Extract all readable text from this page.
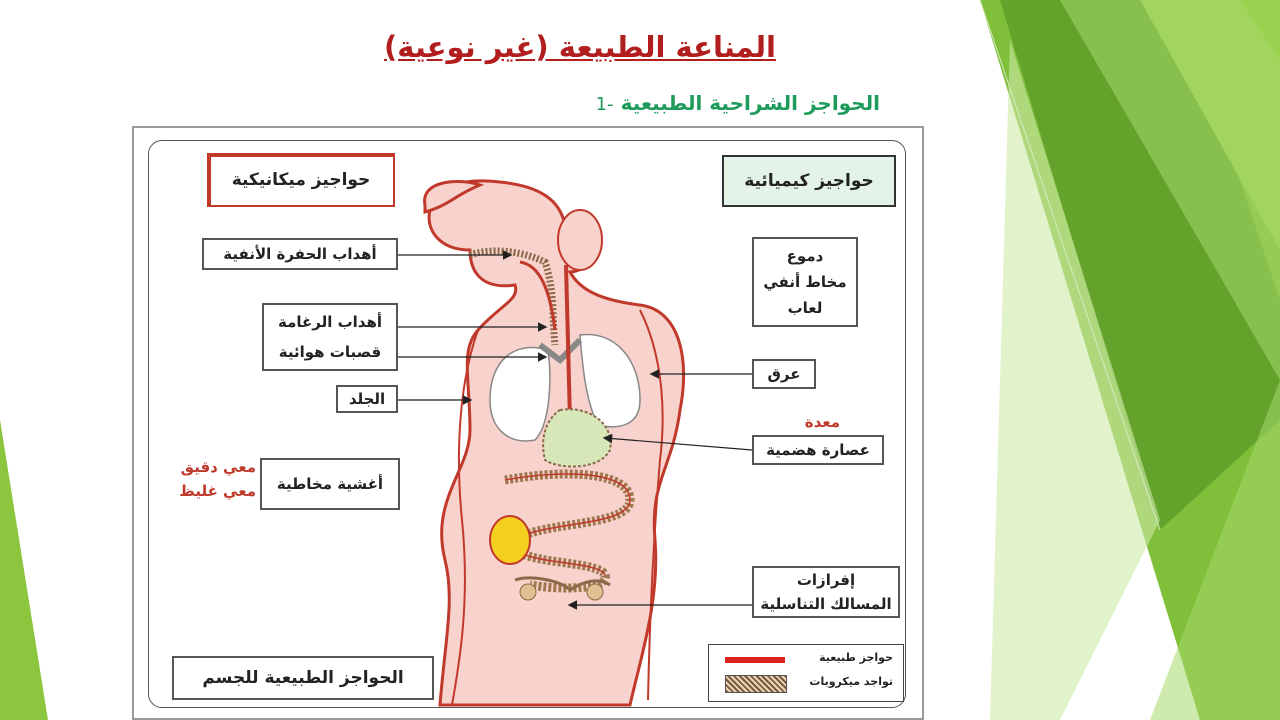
المناعة الطبيعة (غير نوعية)
الحواجز الشراحية الطبيعية -1
حواجيز ميكانيكية	حواجيز كيميائية
أهداب الحفرة الأنفية
أهداب الرغامة
قصبات هوائية
الجلد
أغشية مخاطية
دموع
مخاط أنفي
لعاب
عرق
عصارة هضمية
إفرازات
المسالك التناسلية
معدة
معي دقيق
معي غليظ
الحواجز الطبيعية للجسم
حواجز طبيعية
تواجد ميكروبات
